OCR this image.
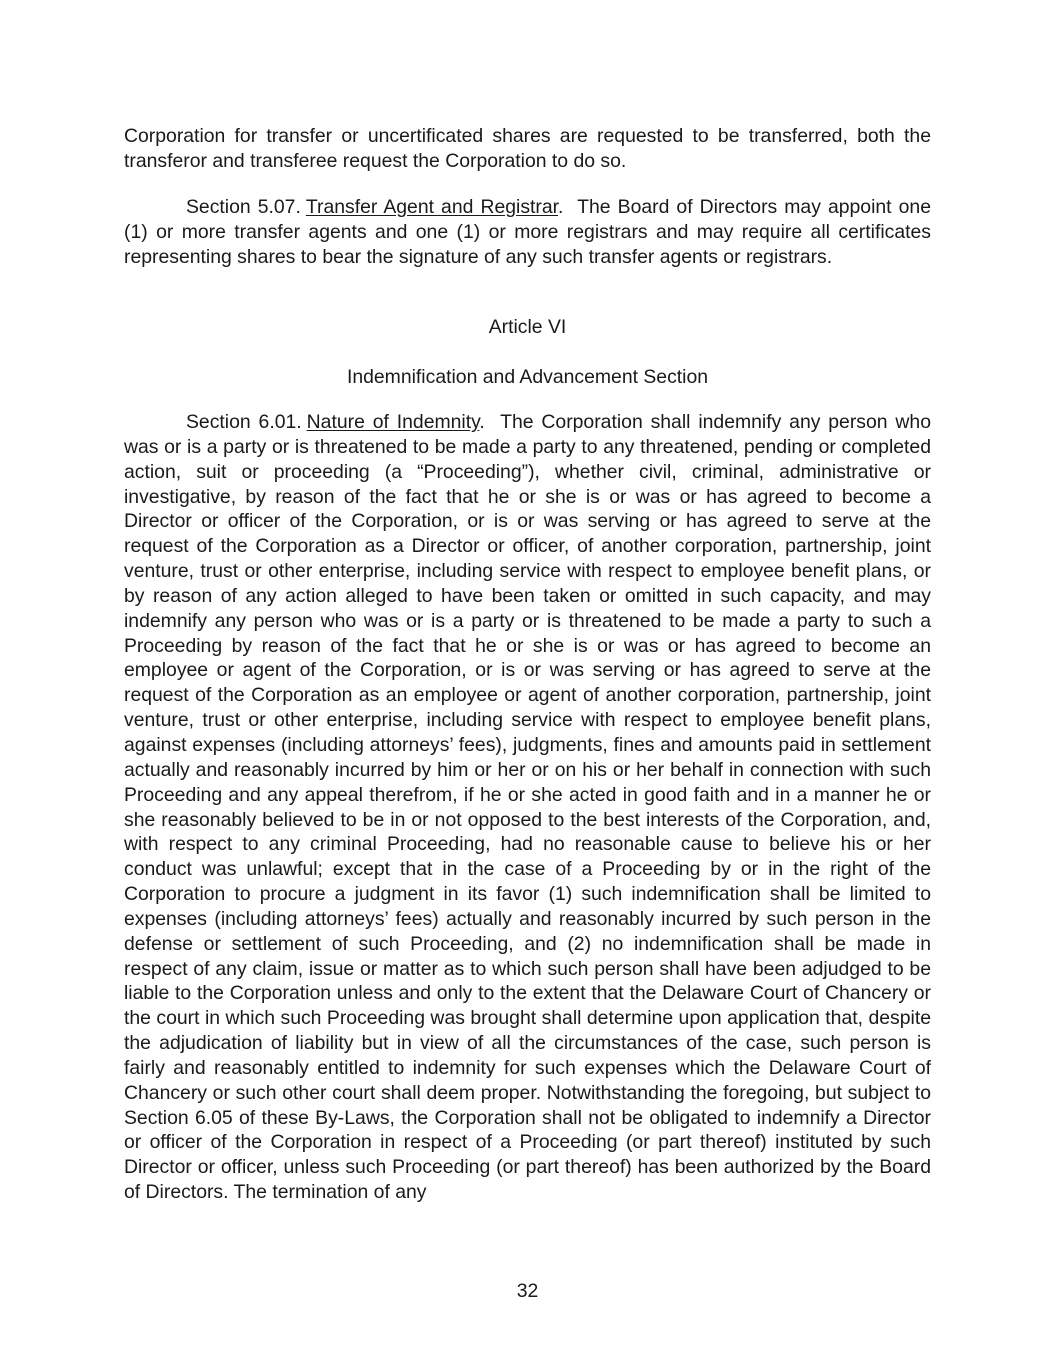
Corporation for transfer or uncertificated shares are requested to be transferred, both the transferor and transferee request the Corporation to do so.

Section 5.07. Transfer Agent and Registrar. The Board of Directors may appoint one (1) or more transfer agents and one (1) or more registrars and may require all certificates representing shares to bear the signature of any such transfer agents or registrars.

Article VI

Indemnification and Advancement Section

Section 6.01. Nature of Indemnity. The Corporation shall indemnify any person who was or is a party or is threatened to be made a party to any threatened, pending or completed action, suit or proceeding (a “Proceeding”), whether civil, criminal, administrative or investigative, by reason of the fact that he or she is or was or has agreed to become a Director or officer of the Corporation, or is or was serving or has agreed to serve at the request of the Corporation as a Director or officer, of another corporation, partnership, joint venture, trust or other enterprise, including service with respect to employee benefit plans, or by reason of any action alleged to have been taken or omitted in such capacity, and may indemnify any person who was or is a party or is threatened to be made a party to such a Proceeding by reason of the fact that he or she is or was or has agreed to become an employee or agent of the Corporation, or is or was serving or has agreed to serve at the request of the Corporation as an employee or agent of another corporation, partnership, joint venture, trust or other enterprise, including service with respect to employee benefit plans, against expenses (including attorneys’ fees), judgments, fines and amounts paid in settlement actually and reasonably incurred by him or her or on his or her behalf in connection with such Proceeding and any appeal therefrom, if he or she acted in good faith and in a manner he or she reasonably believed to be in or not opposed to the best interests of the Corporation, and, with respect to any criminal Proceeding, had no reasonable cause to believe his or her conduct was unlawful; except that in the case of a Proceeding by or in the right of the Corporation to procure a judgment in its favor (1) such indemnification shall be limited to expenses (including attorneys’ fees) actually and reasonably incurred by such person in the defense or settlement of such Proceeding, and (2) no indemnification shall be made in respect of any claim, issue or matter as to which such person shall have been adjudged to be liable to the Corporation unless and only to the extent that the Delaware Court of Chancery or the court in which such Proceeding was brought shall determine upon application that, despite the adjudication of liability but in view of all the circumstances of the case, such person is fairly and reasonably entitled to indemnity for such expenses which the Delaware Court of Chancery or such other court shall deem proper. Notwithstanding the foregoing, but subject to Section 6.05 of these By-Laws, the Corporation shall not be obligated to indemnify a Director or officer of the Corporation in respect of a Proceeding (or part thereof) instituted by such Director or officer, unless such Proceeding (or part thereof) has been authorized by the Board of Directors. The termination of any

32
